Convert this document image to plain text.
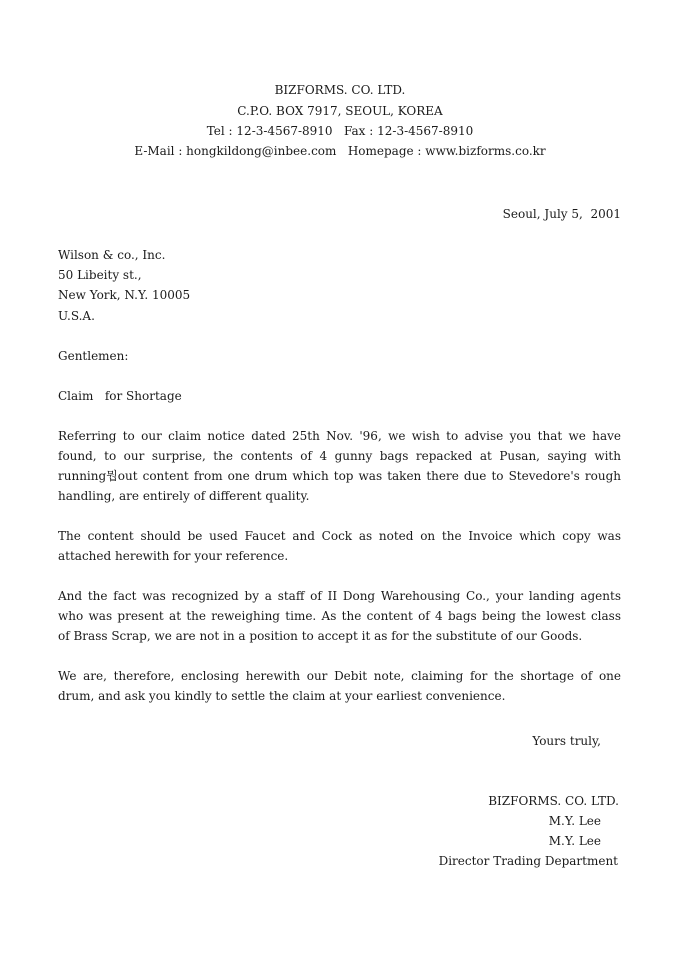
BIZFORMS. CO. LTD.
C.P.O. BOX 7917, SEOUL, KOREA
Tel : 12-3-4567-8910   Fax : 12-3-4567-8910
E-Mail : hongkildong@inbee.com   Homepage : www.bizforms.co.kr
Seoul, July 5,  2001
Wilson & co., Inc.
50 Libeity st.,
New York, N.Y. 10005
U.S.A.
Gentlemen:
Claim   for Shortage
Referring to our claim notice dated 25th Nov. '96, we wish to advise you that we have
found, to our surprise, the contents of 4 gunny bags repacked at Pusan, saying with
running뭡out content from one drum which top was taken there due to Stevedore's rough
handling, are entirely of different quality.
The content should be used Faucet and Cock as noted on the Invoice which copy was
attached herewith for your reference.
And the fact was recognized by a staff of II Dong Warehousing Co., your landing agents
who was present at the reweighing time. As the content of 4 bags being the lowest class
of Brass Scrap, we are not in a position to accept it as for the substitute of our Goods.
We are, therefore, enclosing herewith our Debit note, claiming for the shortage of one
drum, and ask you kindly to settle the claim at your earliest convenience.
Yours truly,
BIZFORMS. CO. LTD.
M.Y. Lee
M.Y. Lee
Director Trading Department
